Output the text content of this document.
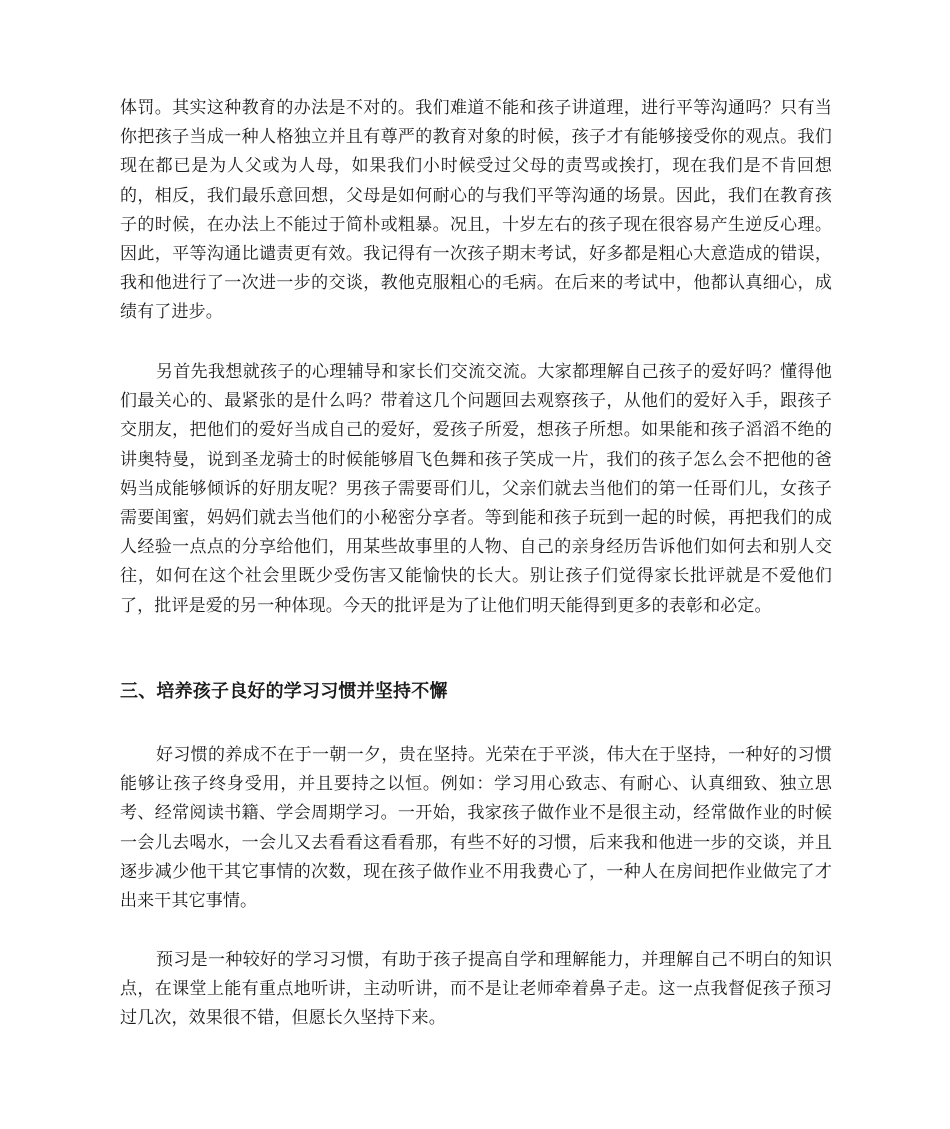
体罚。其实这种教育的办法是不对的。我们难道不能和孩子讲道理，进行平等沟通吗？只有当你把孩子当成一种人格独立并且有尊严的教育对象的时候，孩子才有能够接受你的观点。我们现在都已是为人父或为人母，如果我们小时候受过父母的责骂或挨打，现在我们是不肯回想的，相反，我们最乐意回想，父母是如何耐心的与我们平等沟通的场景。因此，我们在教育孩子的时候，在办法上不能过于简朴或粗暴。况且，十岁左右的孩子现在很容易产生逆反心理。因此，平等沟通比谴责更有效。我记得有一次孩子期末考试，好多都是粗心大意造成的错误，我和他进行了一次进一步的交谈，教他克服粗心的毛病。在后来的考试中，他都认真细心，成绩有了进步。

另首先我想就孩子的心理辅导和家长们交流交流。大家都理解自己孩子的爱好吗？懂得他们最关心的、最紧张的是什么吗？带着这几个问题回去观察孩子，从他们的爱好入手，跟孩子交朋友，把他们的爱好当成自己的爱好，爱孩子所爱，想孩子所想。如果能和孩子滔滔不绝的讲奥特曼，说到圣龙骑士的时候能够眉飞色舞和孩子笑成一片，我们的孩子怎么会不把他的爸妈当成能够倾诉的好朋友呢？男孩子需要哥们儿，父亲们就去当他们的第一任哥们儿，女孩子需要闺蜜，妈妈们就去当他们的小秘密分享者。等到能和孩子玩到一起的时候，再把我们的成人经验一点点的分享给他们，用某些故事里的人物、自己的亲身经历告诉他们如何去和别人交往，如何在这个社会里既少受伤害又能愉快的长大。别让孩子们觉得家长批评就是不爱他们了，批评是爱的另一种体现。今天的批评是为了让他们明天能得到更多的表彰和必定。

三、培养孩子良好的学习习惯并坚持不懈

好习惯的养成不在于一朝一夕，贵在坚持。光荣在于平淡，伟大在于坚持，一种好的习惯能够让孩子终身受用，并且要持之以恒。例如：学习用心致志、有耐心、认真细致、独立思考、经常阅读书籍、学会周期学习。一开始，我家孩子做作业不是很主动，经常做作业的时候一会儿去喝水，一会儿又去看看这看看那，有些不好的习惯，后来我和他进一步的交谈，并且逐步减少他干其它事情的次数，现在孩子做作业不用我费心了，一种人在房间把作业做完了才出来干其它事情。

预习是一种较好的学习习惯，有助于孩子提高自学和理解能力，并理解自己不明白的知识点，在课堂上能有重点地听讲，主动听讲，而不是让老师牵着鼻子走。这一点我督促孩子预习过几次，效果很不错，但愿长久坚持下来。
